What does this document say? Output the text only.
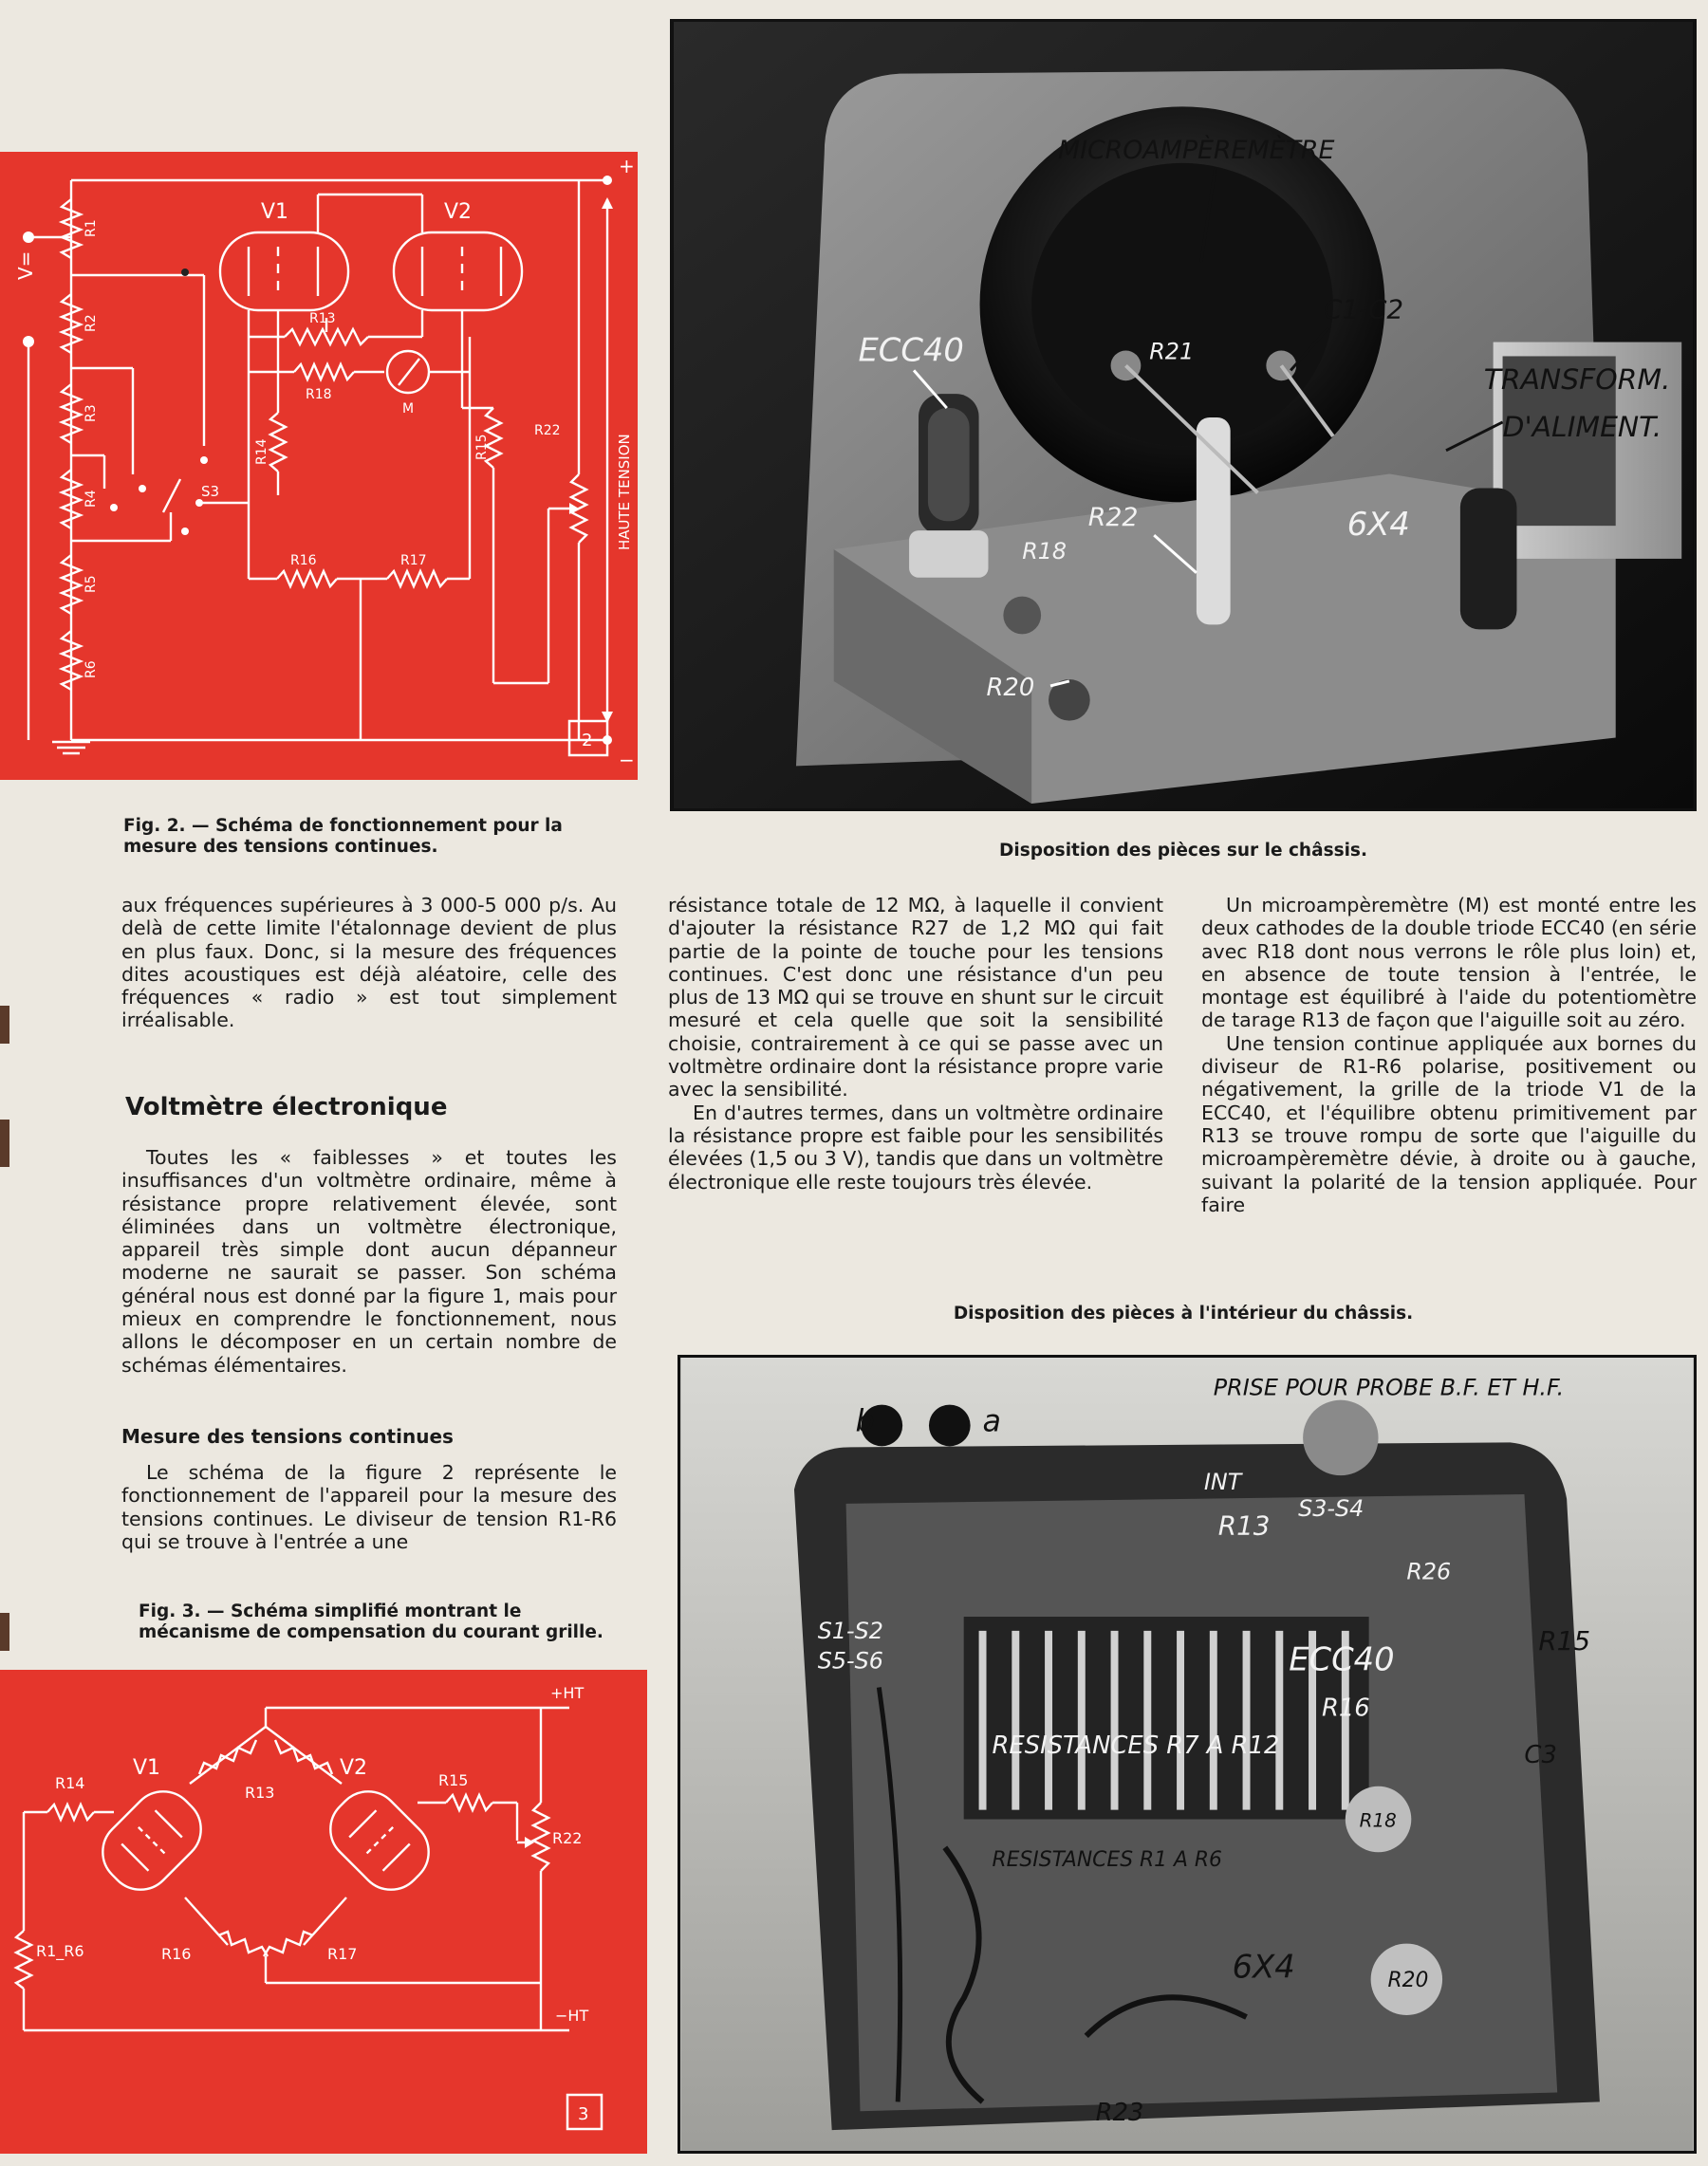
V=
R1
R2
R3
R4
R5
R6
S3
V1	V2
R13
R18
M
R14	R15
R16	R17
R22
+
−
HAUTE TENSION
2
Fig. 2. — Schéma de fonctionnement pour la mesure des tensions continues.
MICROAMPÈREMÈTRE
ECC40	R21
C1-C2
TRANSFORM.
D'ALIMENT.
R22
R18
6X4
R20
Disposition des pièces sur le châssis.

aux fréquences supérieures à 3 000-5 000 p/s. Au delà de cette limite l'étalonnage devient de plus en plus faux. Donc, si la mesure des fréquences dites acoustiques est déjà aléatoire, celle des fréquences « radio » est tout simplement irréalisable.

Voltmètre électronique

Toutes les « faiblesses » et toutes les insuffisances d'un voltmètre ordinaire, même à résistance propre relativement élevée, sont éliminées dans un voltmètre électronique, appareil très simple dont aucun dépanneur moderne ne saurait se passer. Son schéma général nous est donné par la figure 1, mais pour mieux en comprendre le fonctionnement, nous allons le décomposer en un certain nombre de schémas élémentaires.

Mesure des tensions continues

Le schéma de la figure 2 représente le fonctionnement de l'appareil pour la mesure des tensions continues. Le diviseur de tension R1-R6 qui se trouve à l'entrée a une

résistance totale de 12 MΩ, à laquelle il convient d'ajouter la résistance R27 de 1,2 MΩ qui fait partie de la pointe de touche pour les tensions continues. C'est donc une résistance d'un peu plus de 13 MΩ qui se trouve en shunt sur le circuit mesuré et cela quelle que soit la sensibilité choisie, contrairement à ce qui se passe avec un voltmètre ordinaire dont la résistance propre varie avec la sensibilité.

En d'autres termes, dans un voltmètre ordinaire la résistance propre est faible pour les sensibilités élevées (1,5 ou 3 V), tandis que dans un voltmètre électronique elle reste toujours très élevée.

Un microampèremètre (M) est monté entre les deux cathodes de la double triode ECC40 (en série avec R18 dont nous verrons le rôle plus loin) et, en absence de toute tension à l'entrée, le montage est équilibré à l'aide du potentiomètre de tarage R13 de façon que l'aiguille soit au zéro.

Une tension continue appliquée aux bornes du diviseur de R1-R6 polarise, positivement ou négativement, la grille de la triode V1 de la ECC40, et l'équilibre obtenu primitivement par R13 se trouve rompu de sorte que l'aiguille du microampèremètre dévie, à droite ou à gauche, suivant la polarité de la tension appliquée. Pour faire

Fig. 3. — Schéma simplifié montrant le mécanisme de compensation du courant grille.
R13
V1	V2
R16	R17
R14	R15
R22
R1_R6
+HT
−HT
3
Disposition des pièces à l'intérieur du châssis.
PRISE POUR PROBE B.F. ET H.F.
b	a
INT
R13
S3-S4
R26
S1-S2
S5-S6	ECC40
R15
R16
C3
RESISTANCES R7 A R12
R18
RESISTANCES R1 A R6
6X4	R20
R23
